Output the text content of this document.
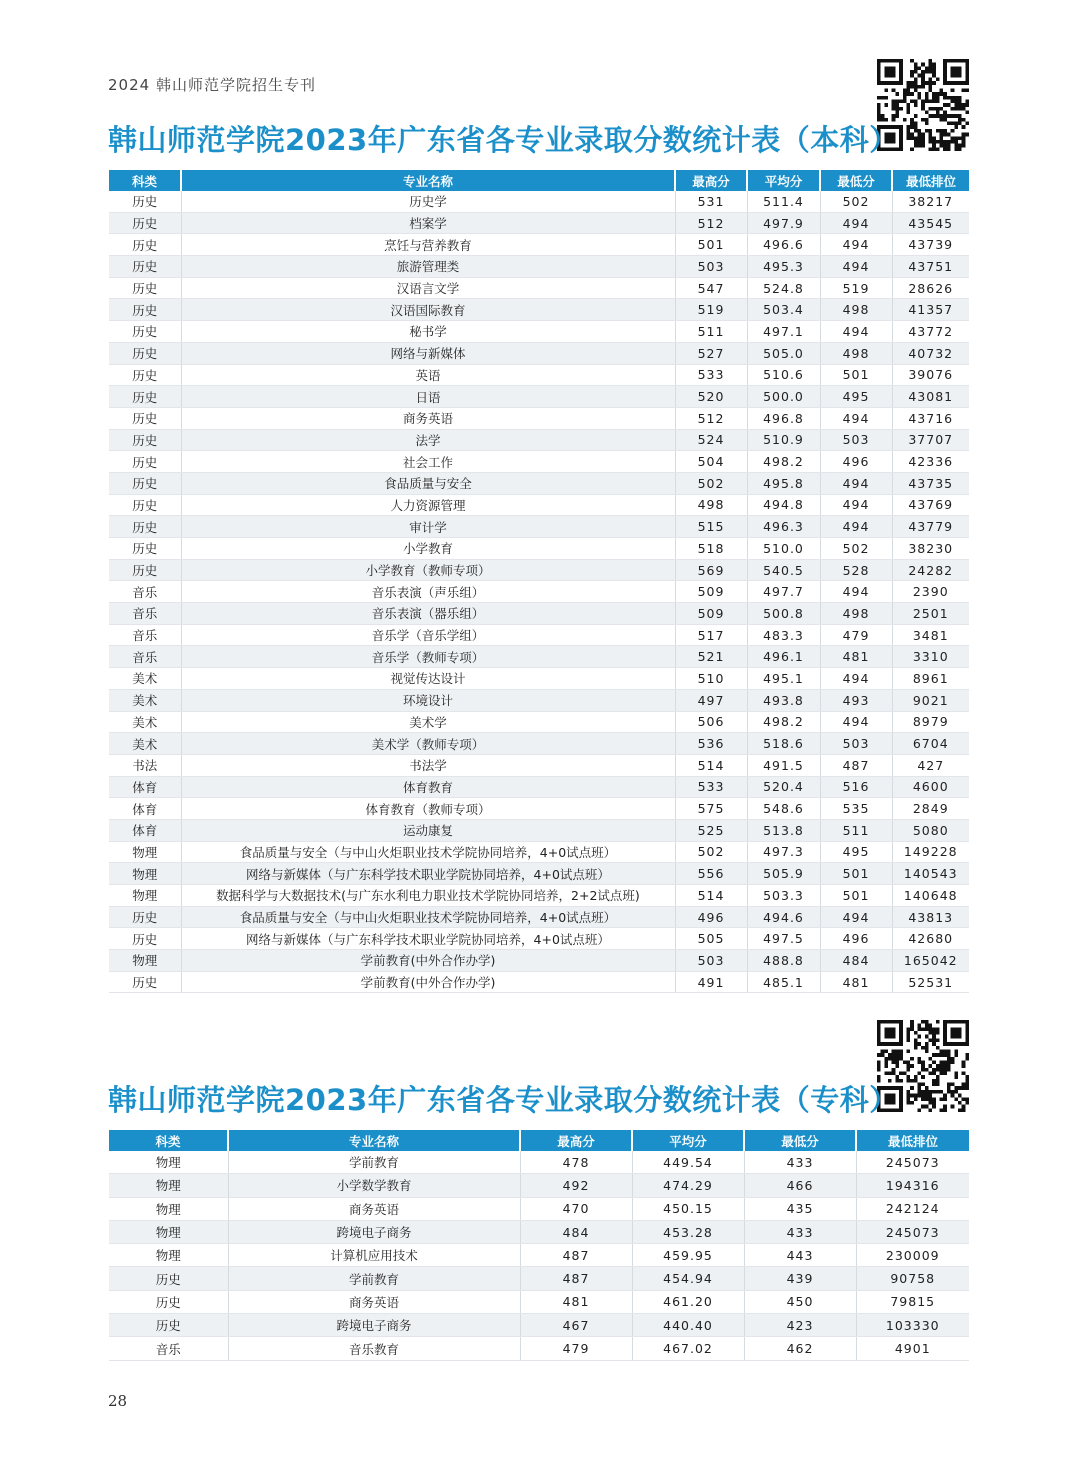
2024 韩山师范学院招生专刊
韩山师范学院2023年广东省各专业录取分数统计表（本科）
科类	专业名称	最高分	平均分	最低分	最低排位
历史	历史学	531	511.4	502	38217
历史	档案学	512	497.9	494	43545
历史	烹饪与营养教育	501	496.6	494	43739
历史	旅游管理类	503	495.3	494	43751
历史	汉语言文学	547	524.8	519	28626
历史	汉语国际教育	519	503.4	498	41357
历史	秘书学	511	497.1	494	43772
历史	网络与新媒体	527	505.0	498	40732
历史	英语	533	510.6	501	39076
历史	日语	520	500.0	495	43081
历史	商务英语	512	496.8	494	43716
历史	法学	524	510.9	503	37707
历史	社会工作	504	498.2	496	42336
历史	食品质量与安全	502	495.8	494	43735
历史	人力资源管理	498	494.8	494	43769
历史	审计学	515	496.3	494	43779
历史	小学教育	518	510.0	502	38230
历史	小学教育（教师专项）	569	540.5	528	24282
音乐	音乐表演（声乐组）	509	497.7	494	2390
音乐	音乐表演（器乐组）	509	500.8	498	2501
音乐	音乐学（音乐学组）	517	483.3	479	3481
音乐	音乐学（教师专项）	521	496.1	481	3310
美术	视觉传达设计	510	495.1	494	8961
美术	环境设计	497	493.8	493	9021
美术	美术学	506	498.2	494	8979
美术	美术学（教师专项）	536	518.6	503	6704
书法	书法学	514	491.5	487	427
体育	体育教育	533	520.4	516	4600
体育	体育教育（教师专项）	575	548.6	535	2849
体育	运动康复	525	513.8	511	5080
物理	食品质量与安全（与中山火炬职业技术学院协同培养，4+0试点班）	502	497.3	495	149228
物理	网络与新媒体（与广东科学技术职业学院协同培养，4+0试点班）	556	505.9	501	140543
物理	数据科学与大数据技术(与广东水利电力职业技术学院协同培养，2+2试点班)	514	503.3	501	140648
历史	食品质量与安全（与中山火炬职业技术学院协同培养，4+0试点班）	496	494.6	494	43813
历史	网络与新媒体（与广东科学技术职业学院协同培养，4+0试点班）	505	497.5	496	42680
物理	学前教育(中外合作办学)	503	488.8	484	165042
历史	学前教育(中外合作办学)	491	485.1	481	52531
韩山师范学院2023年广东省各专业录取分数统计表（专科）
科类	专业名称	最高分	平均分	最低分	最低排位
物理	学前教育	478	449.54	433	245073
物理	小学数学教育	492	474.29	466	194316
物理	商务英语	470	450.15	435	242124
物理	跨境电子商务	484	453.28	433	245073
物理	计算机应用技术	487	459.95	443	230009
历史	学前教育	487	454.94	439	90758
历史	商务英语	481	461.20	450	79815
历史	跨境电子商务	467	440.40	423	103330
音乐	音乐教育	479	467.02	462	4901
28
